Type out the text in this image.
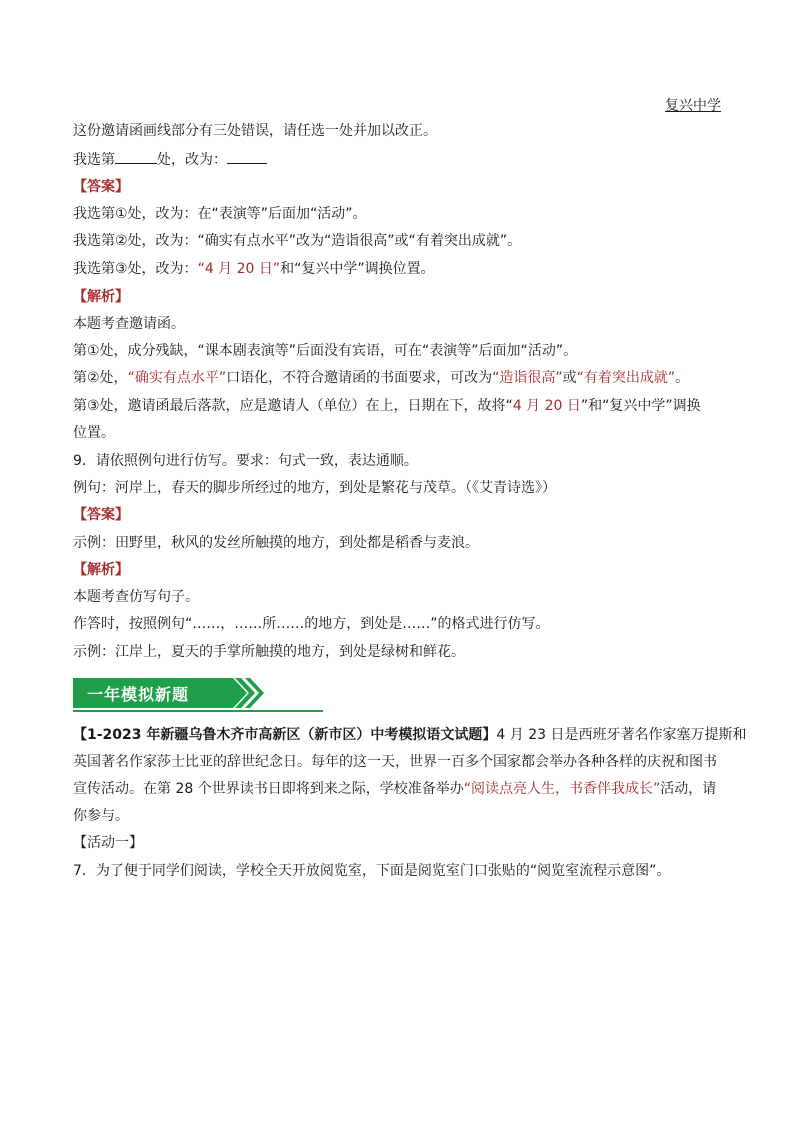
复兴中学
这份邀请函画线部分有三处错误，请任选一处并加以改正。
我选第	处，改为：
【答案】
我选第①处，改为：在“表演等”后面加“活动”。
我选第②处，改为：“确实有点水平”改为“造诣很高”或“有着突出成就”。
我选第③处，改为：“4 月 20 日”和“复兴中学”调换位置。
【解析】
本题考查邀请函。
第①处，成分残缺，“课本剧表演等”后面没有宾语，可在“表演等”后面加“活动”。
第②处，“确实有点水平”口语化，不符合邀请函的书面要求，可改为“造诣很高”或“有着突出成就”。
第③处，邀请函最后落款，应是邀请人（单位）在上，日期在下，故将“4 月 20 日”和“复兴中学”调换
位置。
9．请依照例句进行仿写。要求：句式一致，表达通顺。
例句：河岸上，春天的脚步所经过的地方，到处是繁花与茂草。（《艾青诗选》）
【答案】
示例：田野里，秋风的发丝所触摸的地方，到处都是稻香与麦浪。
【解析】
本题考查仿写句子。
作答时，按照例句“……，……所……的地方，到处是……”的格式进行仿写。
示例：江岸上，夏天的手掌所触摸的地方，到处是绿树和鲜花。
一年模拟新题
【1-2023 年新疆乌鲁木齐市高新区（新市区）中考模拟语文试题】4 月 23 日是西班牙著名作家塞万提斯和
英国著名作家莎士比亚的辞世纪念日。每年的这一天，世界一百多个国家都会举办各种各样的庆祝和图书
宣传活动。在第 28 个世界读书日即将到来之际，学校准备举办“阅读点亮人生，书香伴我成长”活动，请
你参与。
【活动一】
7．为了便于同学们阅读，学校全天开放阅览室，下面是阅览室门口张贴的“阅览室流程示意图”。
